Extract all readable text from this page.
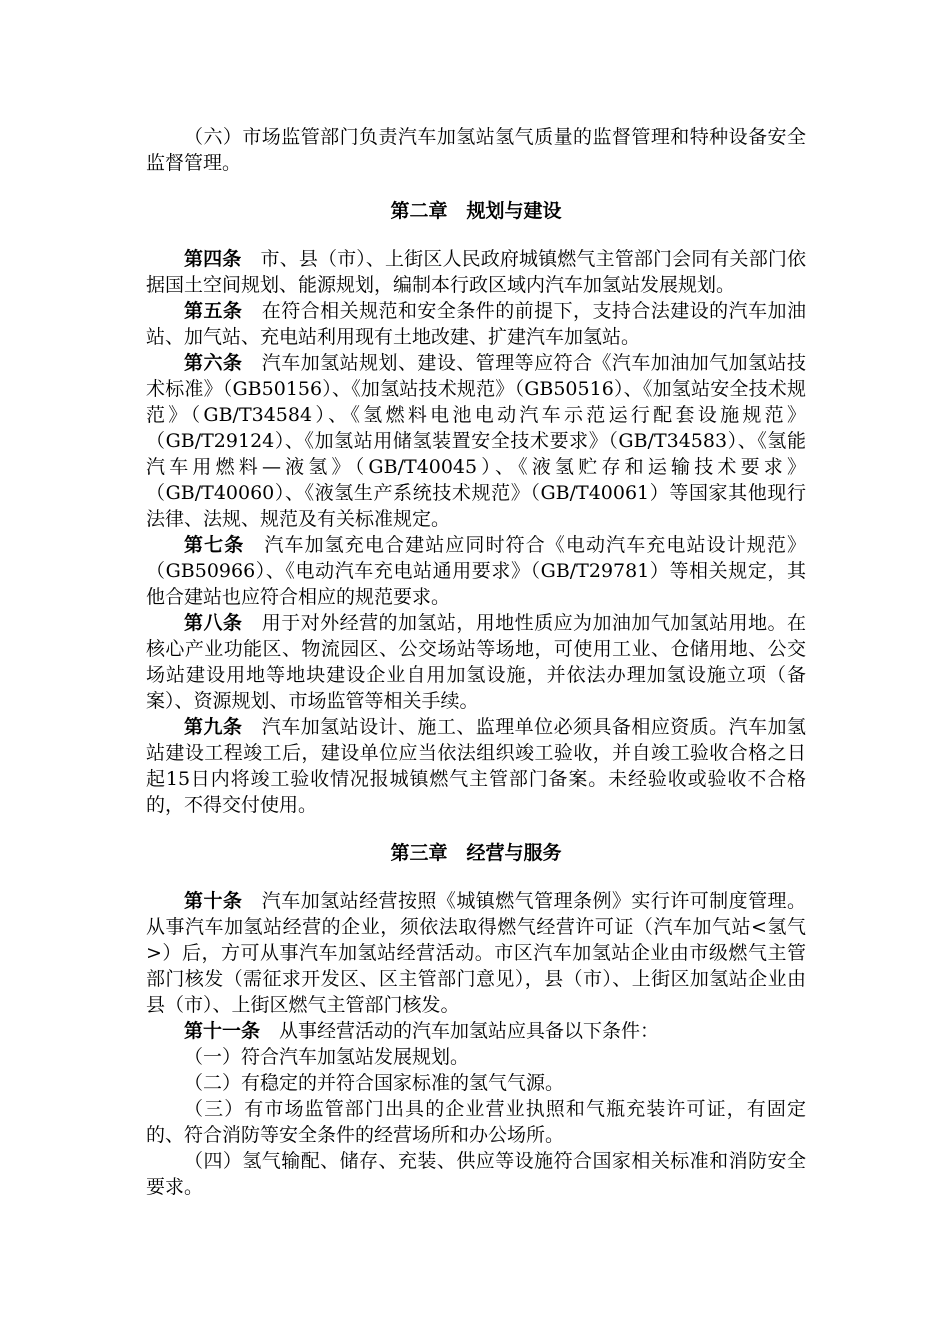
（六）市场监管部门负责汽车加氢站氢气质量的监督管理和特种设备安全监督管理。

第二章　规划与建设

第四条　市、县（市）、上街区人民政府城镇燃气主管部门会同有关部门依据国土空间规划、能源规划，编制本行政区域内汽车加氢站发展规划。

第五条　在符合相关规范和安全条件的前提下，支持合法建设的汽车加油站、加气站、充电站利用现有土地改建、扩建汽车加氢站。

第六条　汽车加氢站规划、建设、管理等应符合《汽车加油加气加氢站技术标准》（GB50156）、《加氢站技术规范》（GB50516）、《加氢站安全技术规范》（GB/T34584）、《氢燃料电池电动汽车示范运行配套设施规范》（GB/T29124）、《加氢站用储氢装置安全技术要求》（GB/T34583）、《氢能汽车用燃料—液氢》（GB/T40045）、《液氢贮存和运输技术要求》（GB/T40060）、《液氢生产系统技术规范》（GB/T40061）等国家其他现行法律、法规、规范及有关标准规定。

第七条　汽车加氢充电合建站应同时符合《电动汽车充电站设计规范》（GB50966）、《电动汽车充电站通用要求》（GB/T29781）等相关规定，其他合建站也应符合相应的规范要求。

第八条　用于对外经营的加氢站，用地性质应为加油加气加氢站用地。在核心产业功能区、物流园区、公交场站等场地，可使用工业、仓储用地、公交场站建设用地等地块建设企业自用加氢设施，并依法办理加氢设施立项（备案）、资源规划、市场监管等相关手续。

第九条　汽车加氢站设计、施工、监理单位必须具备相应资质。汽车加氢站建设工程竣工后，建设单位应当依法组织竣工验收，并自竣工验收合格之日起15日内将竣工验收情况报城镇燃气主管部门备案。未经验收或验收不合格的，不得交付使用。

第三章　经营与服务

第十条　汽车加氢站经营按照《城镇燃气管理条例》实行许可制度管理。从事汽车加氢站经营的企业，须依法取得燃气经营许可证（汽车加气站<氢气>）后，方可从事汽车加氢站经营活动。市区汽车加氢站企业由市级燃气主管部门核发（需征求开发区、区主管部门意见），县（市）、上街区加氢站企业由县（市）、上街区燃气主管部门核发。

第十一条　从事经营活动的汽车加氢站应具备以下条件：

（一）符合汽车加氢站发展规划。

（二）有稳定的并符合国家标准的氢气气源。

（三）有市场监管部门出具的企业营业执照和气瓶充装许可证，有固定的、符合消防等安全条件的经营场所和办公场所。

（四）氢气输配、储存、充装、供应等设施符合国家相关标准和消防安全要求。
